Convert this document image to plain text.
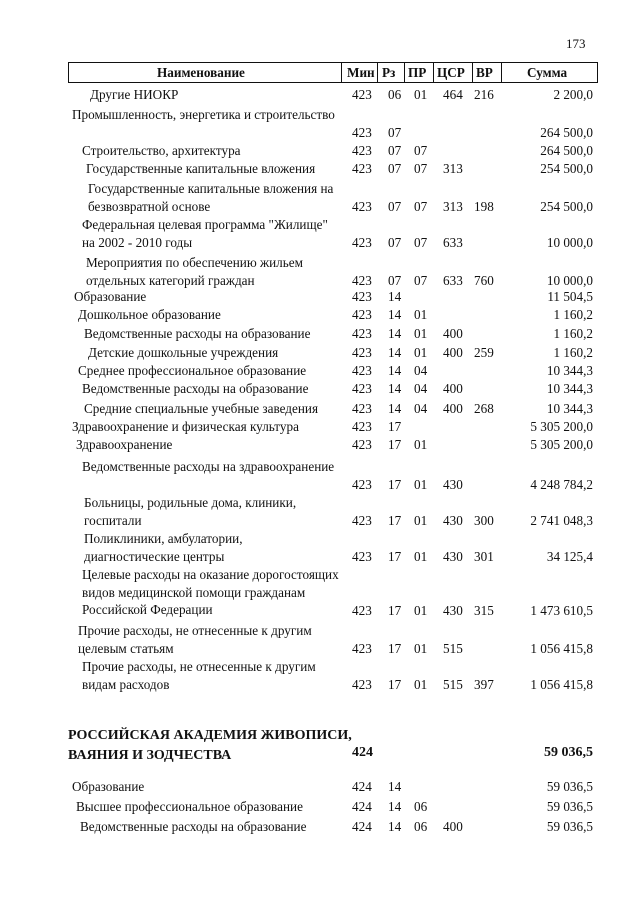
173
Наименование	Мин Рз ПР ЦСР ВР	Сумма
Другие НИОКР	423 06 01 464 216	2 200,0
Промышленность, энергетика и строительство
423 07	264 500,0
Строительство, архитектура	423 07 07	264 500,0
Государственные капитальные вложения	423 07 07 313	254 500,0
Государственные капитальные вложения на безвозвратной основе	423 07 07 313 198	254 500,0
Федеральная целевая программа "Жилище" на 2002 - 2010 годы	423 07 07 633	10 000,0
Мероприятия по обеспечению жильем отдельных категорий граждан	423 07 07 633 760	10 000,0
Образование	423 14	11 504,5
Дошкольное образование	423 14 01	1 160,2
Ведомственные расходы на образование	423 14 01 400	1 160,2
Детские дошкольные учреждения	423 14 01 400 259	1 160,2
Среднее профессиональное образование	423 14 04	10 344,3
Ведомственные расходы на образование	423 14 04 400	10 344,3
Средние специальные учебные заведения	423 14 04 400 268	10 344,3
Здравоохранение и физическая культура	423 17	5 305 200,0
Здравоохранение	423 17 01	5 305 200,0
Ведомственные расходы на здравоохранение
423 17 01 430	4 248 784,2
Больницы, родильные дома, клиники, госпитали	423 17 01 430 300	2 741 048,3
Поликлиники, амбулатории, диагностические центры	423 17 01 430 301	34 125,4
Целевые расходы на оказание дорогостоящих видов медицинской помощи гражданам Российской Федерации	423 17 01 430 315	1 473 610,5
Прочие расходы, не отнесенные к другим целевым статьям	423 17 01 515	1 056 415,8
Прочие расходы, не отнесенные к другим видам расходов	423 17 01 515 397	1 056 415,8
РОССИЙСКАЯ АКАДЕМИЯ ЖИВОПИСИ, ВАЯНИЯ И ЗОДЧЕСТВА	424	59 036,5
Образование	424 14	59 036,5
Высшее профессиональное образование	424 14 06	59 036,5
Ведомственные расходы на образование	424 14 06 400	59 036,5
